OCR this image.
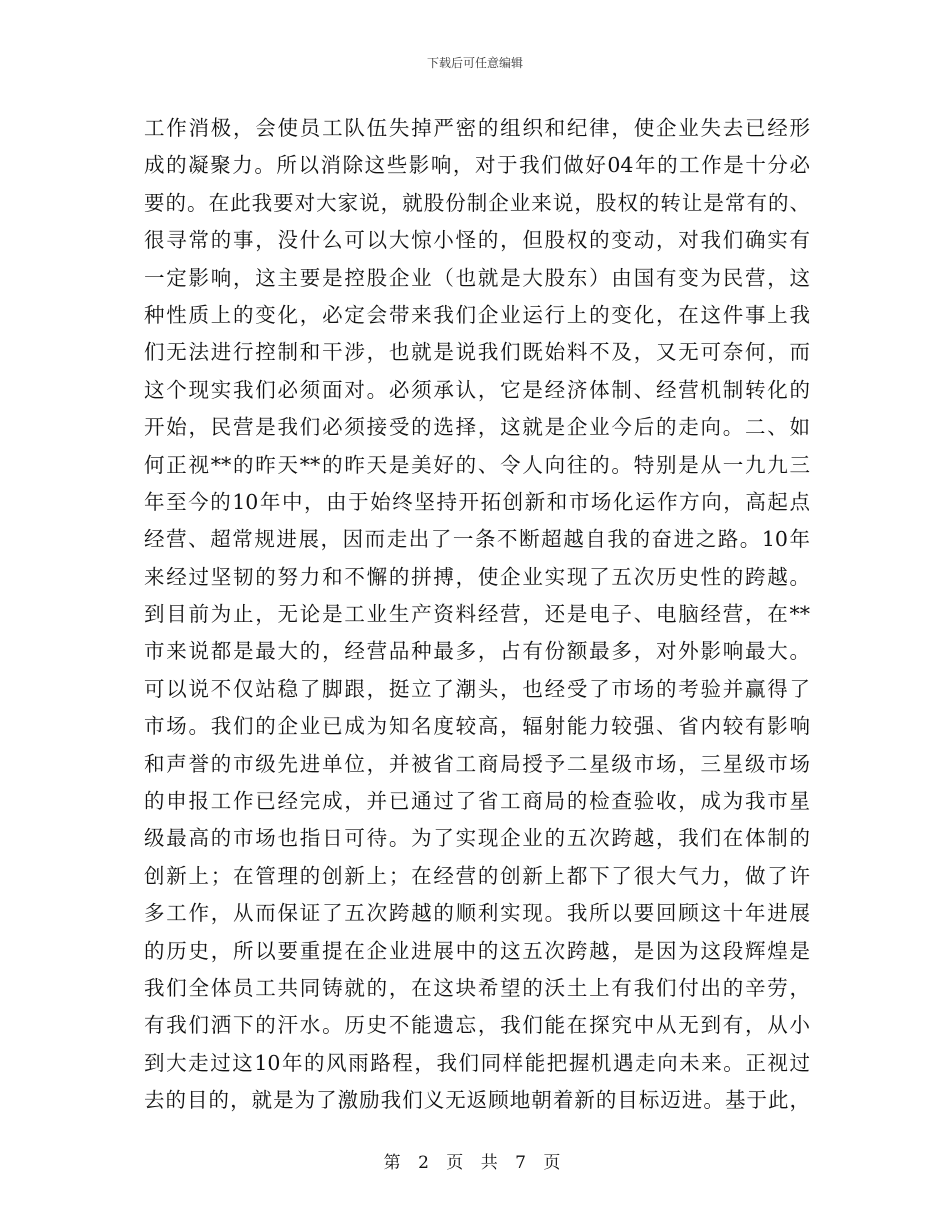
下载后可任意编辑
工作消极，会使员工队伍失掉严密的组织和纪律，使企业失去已经形
成的凝聚力。所以消除这些影响，对于我们做好04年的工作是十分必
要的。在此我要对大家说，就股份制企业来说，股权的转让是常有的、
很寻常的事，没什么可以大惊小怪的，但股权的变动，对我们确实有
一定影响，这主要是控股企业（也就是大股东）由国有变为民营，这
种性质上的变化，必定会带来我们企业运行上的变化，在这件事上我
们无法进行控制和干涉，也就是说我们既始料不及，又无可奈何，而
这个现实我们必须面对。必须承认，它是经济体制、经营机制转化的
开始，民营是我们必须接受的选择，这就是企业今后的走向。二、如
何正视**的昨天**的昨天是美好的、令人向往的。特别是从一九九三
年至今的10年中，由于始终坚持开拓创新和市场化运作方向，高起点
经营、超常规进展，因而走出了一条不断超越自我的奋进之路。10年
来经过坚韧的努力和不懈的拼搏，使企业实现了五次历史性的跨越。
到目前为止，无论是工业生产资料经营，还是电子、电脑经营，在**
市来说都是最大的，经营品种最多，占有份额最多，对外影响最大。
可以说不仅站稳了脚跟，挺立了潮头，也经受了市场的考验并赢得了
市场。我们的企业已成为知名度较高，辐射能力较强、省内较有影响
和声誉的市级先进单位，并被省工商局授予二星级市场，三星级市场
的申报工作已经完成，并已通过了省工商局的检查验收，成为我市星
级最高的市场也指日可待。为了实现企业的五次跨越，我们在体制的
创新上；在管理的创新上；在经营的创新上都下了很大气力，做了许
多工作，从而保证了五次跨越的顺利实现。我所以要回顾这十年进展
的历史，所以要重提在企业进展中的这五次跨越，是因为这段辉煌是
我们全体员工共同铸就的，在这块希望的沃土上有我们付出的辛劳，
有我们洒下的汗水。历史不能遗忘，我们能在探究中从无到有，从小
到大走过这10年的风雨路程，我们同样能把握机遇走向未来。正视过
去的目的，就是为了激励我们义无返顾地朝着新的目标迈进。基于此，
第 2 页 共 7 页
